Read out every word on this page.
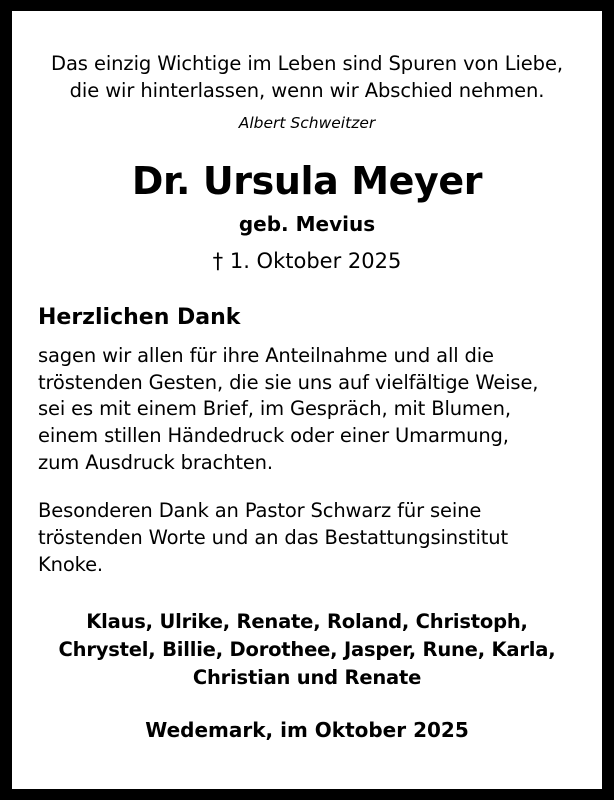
Das einzig Wichtige im Leben sind Spuren von Liebe,
die wir hinterlassen, wenn wir Abschied nehmen.
Albert Schweitzer
Dr. Ursula Meyer
geb. Mevius
† 1. Oktober 2025
Herzlichen Dank
sagen wir allen für ihre Anteilnahme und all die
tröstenden Gesten, die sie uns auf vielfältige Weise,
sei es mit einem Brief, im Gespräch, mit Blumen,
einem stillen Händedruck oder einer Umarmung,
zum Ausdruck brachten.
Besonderen Dank an Pastor Schwarz für seine
tröstenden Worte und an das Bestattungsinstitut
Knoke.
Klaus, Ulrike, Renate, Roland, Christoph,
Chrystel, Billie, Dorothee, Jasper, Rune, Karla,
Christian und Renate
Wedemark, im Oktober 2025
